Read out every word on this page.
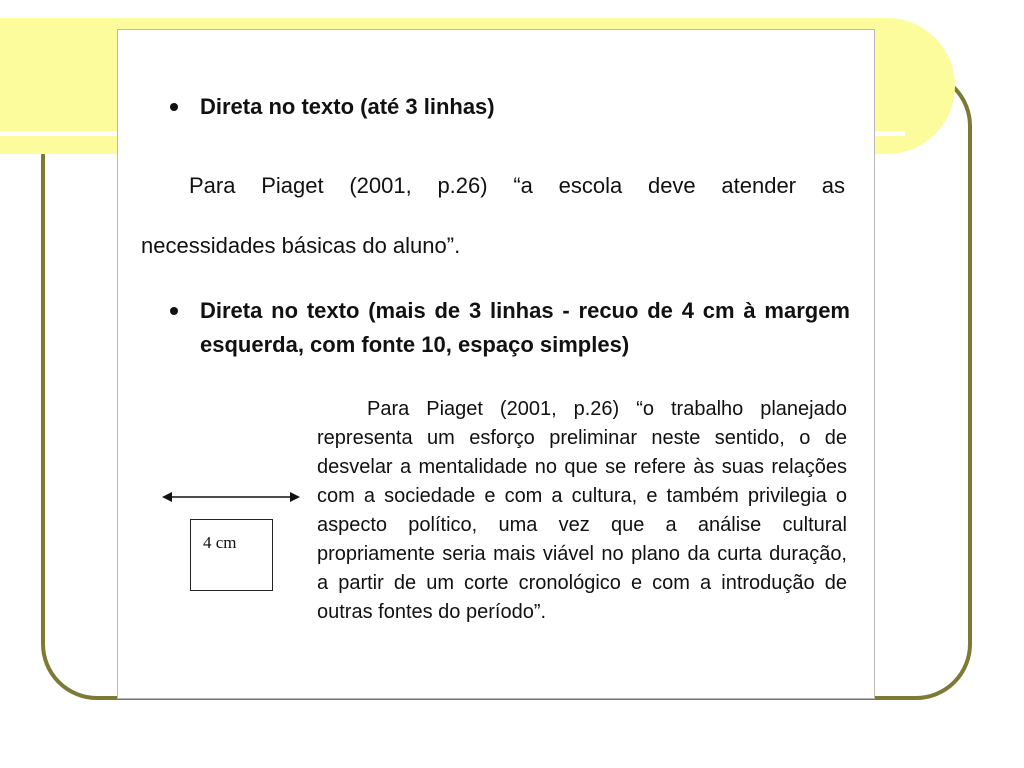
Direta no texto (até 3 linhas)
Para Piaget (2001, p.26) “a escola deve atender as
necessidades básicas do aluno”.
Direta no texto (mais de 3 linhas - recuo de 4 cm à margem esquerda, com fonte 10, espaço simples)
4 cm
Para Piaget (2001, p.26) “o trabalho planejado representa um esforço preliminar neste sentido, o de desvelar a mentalidade no que se refere às suas relações com a sociedade e com a cultura, e também privilegia o aspecto político, uma vez que a análise cultural propriamente seria mais viável no plano da curta duração, a partir de um corte cronológico e com a introdução de outras fontes do período”.
